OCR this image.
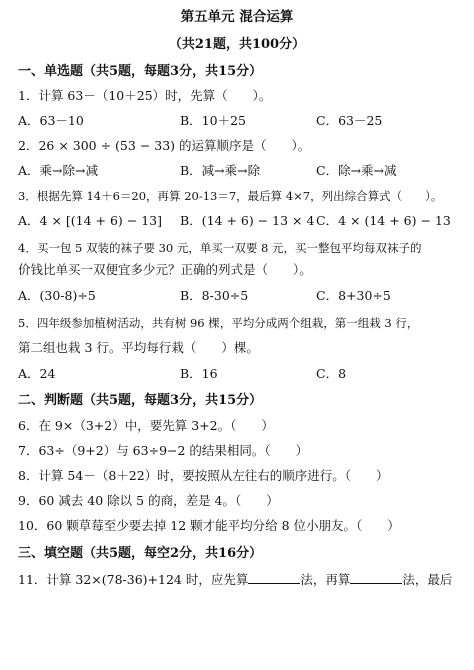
第五单元 混合运算
（共21题，共100分）
一、单选题（共5题，每题3分，共15分）
1．计算 63－（10＋25）时，先算（　　）。
A．63－10	B．10＋25	C．63－25
2．26 × 300 ÷ (53 − 33) 的运算顺序是（　　）。
A．乘→除→减	B．减→乘→除	C．除→乘→减
3．根据先算 14＋6＝20，再算 20-13＝7，最后算 4×7，列出综合算式（　　）。
A．4 × [(14 + 6) − 13] B．(14 + 6) − 13 × 4 C．4 × (14 + 6) − 13
4．买一包 5 双装的袜子要 30 元，单买一双要 8 元，买一整包平均每双袜子的
价钱比单买一双便宜多少元？正确的列式是（　　）。
A．(30-8)÷5	B．8-30÷5	C．8+30÷5
5．四年级参加植树活动，共有树 96 棵，平均分成两个组栽，第一组栽 3 行，
第二组也栽 3 行。平均每行栽（　　）棵。
A．24	B．16	C．8
二、判断题（共5题，每题3分，共15分）
6．在 9×（3+2）中，要先算 3+2。（　　）
7．63÷（9+2）与 63÷9−2 的结果相同。（　　）
8．计算 54－（8＋22）时，要按照从左往右的顺序进行。（　　）
9．60 减去 40 除以 5 的商，差是 4。（　　）
10．60 颗草莓至少要去掉 12 颗才能平均分给 8 位小朋友。（　　）
三、填空题（共5题，每空2分，共16分）
11．计算 32×(78-36)+124 时，应先算	法，再算	法，最后
